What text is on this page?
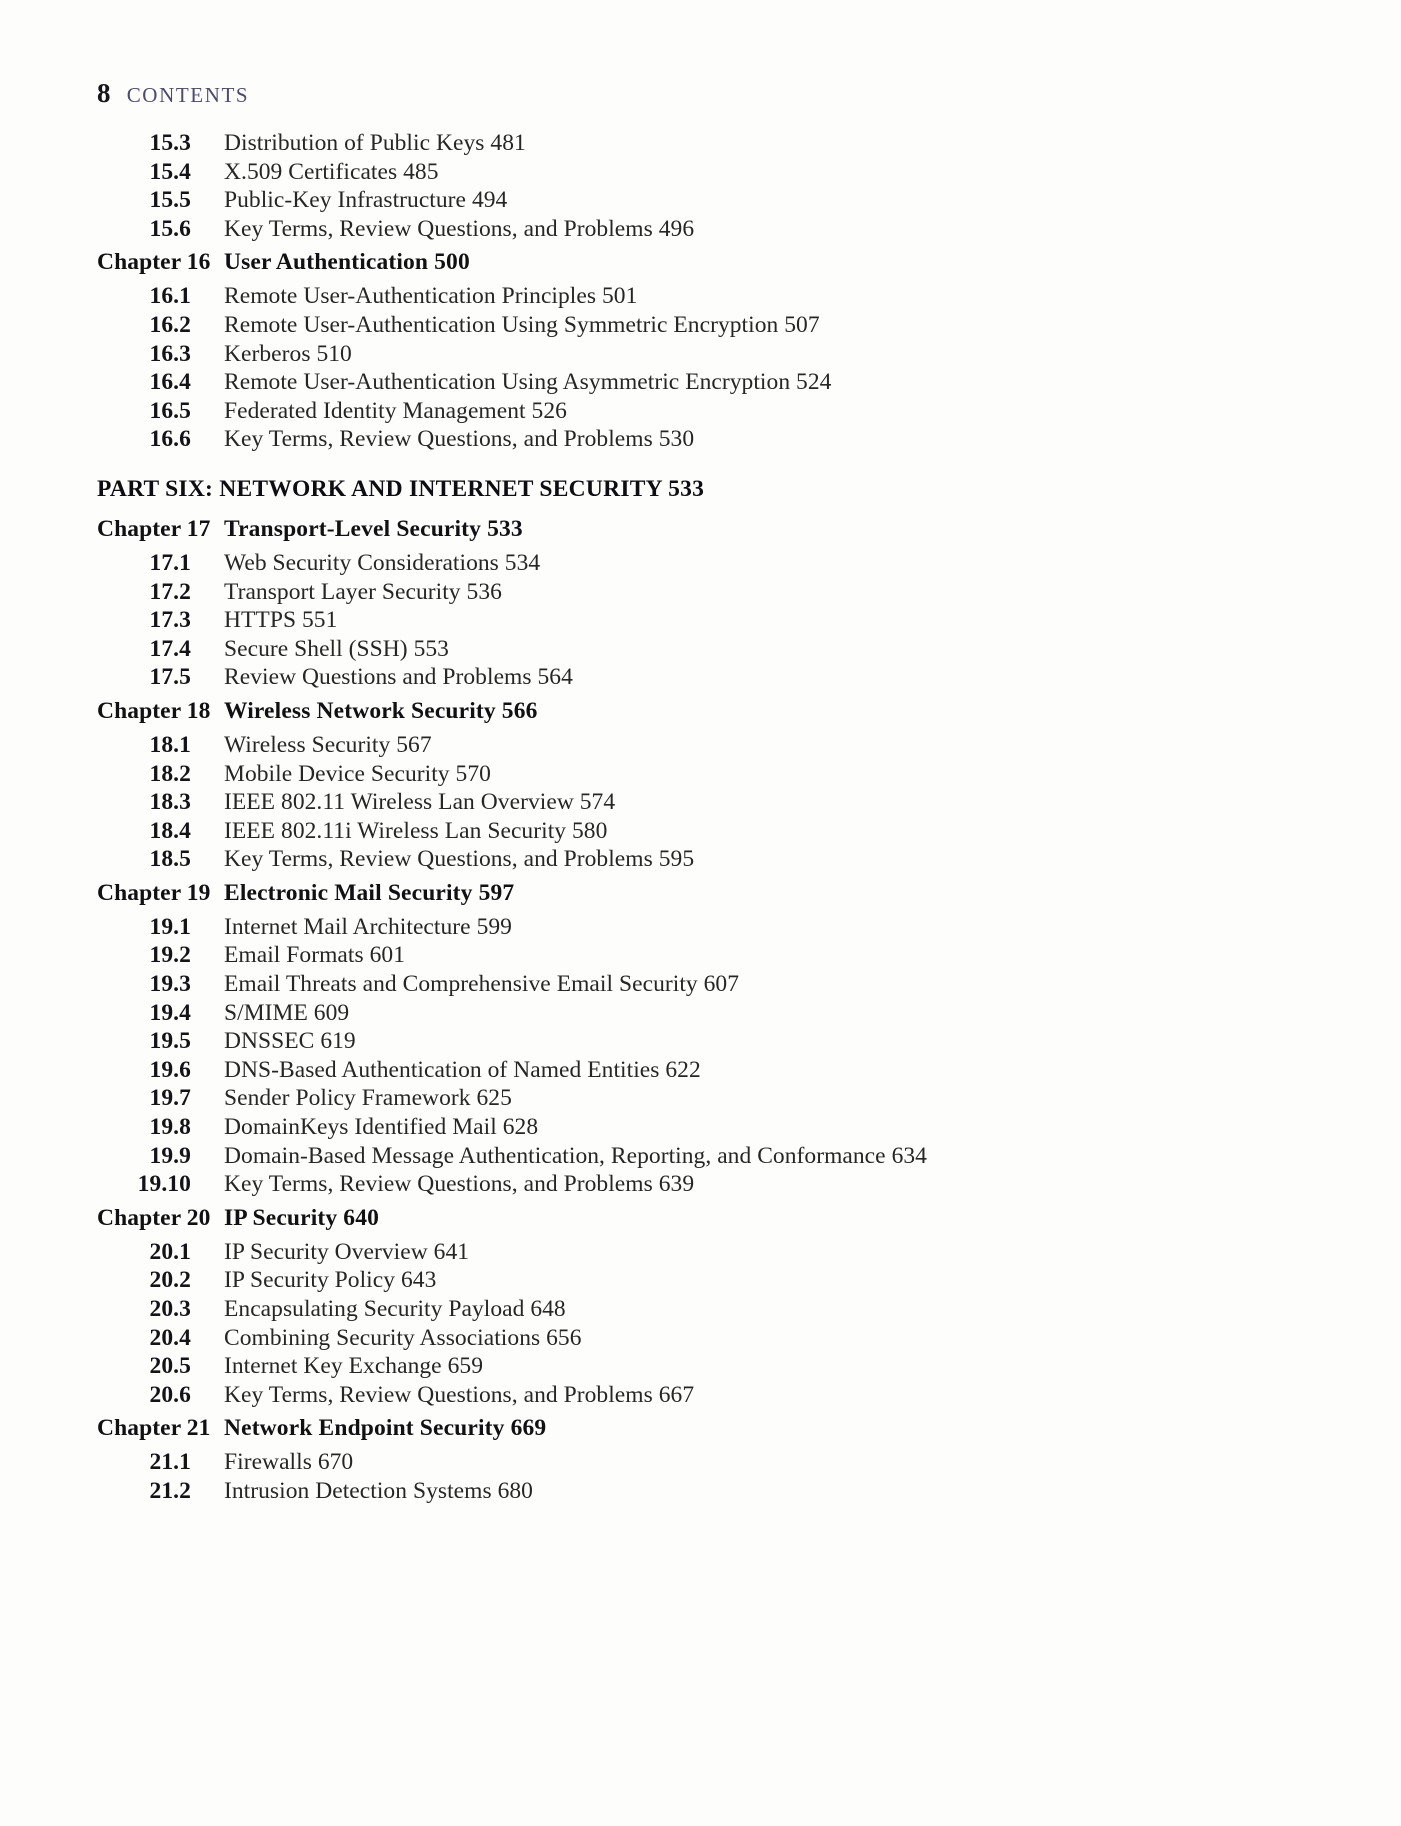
8 CONTENTS
15.3 Distribution of Public Keys 481
15.4 X.509 Certificates 485
15.5 Public-Key Infrastructure 494
15.6 Key Terms, Review Questions, and Problems 496
Chapter 16 User Authentication 500
16.1 Remote User-Authentication Principles 501
16.2 Remote User-Authentication Using Symmetric Encryption 507
16.3 Kerberos 510
16.4 Remote User-Authentication Using Asymmetric Encryption 524
16.5 Federated Identity Management 526
16.6 Key Terms, Review Questions, and Problems 530
PART SIX: NETWORK AND INTERNET SECURITY 533
Chapter 17 Transport-Level Security 533
17.1 Web Security Considerations 534
17.2 Transport Layer Security 536
17.3 HTTPS 551
17.4 Secure Shell (SSH) 553
17.5 Review Questions and Problems 564
Chapter 18 Wireless Network Security 566
18.1 Wireless Security 567
18.2 Mobile Device Security 570
18.3 IEEE 802.11 Wireless Lan Overview 574
18.4 IEEE 802.11i Wireless Lan Security 580
18.5 Key Terms, Review Questions, and Problems 595
Chapter 19 Electronic Mail Security 597
19.1 Internet Mail Architecture 599
19.2 Email Formats 601
19.3 Email Threats and Comprehensive Email Security 607
19.4 S/MIME 609
19.5 DNSSEC 619
19.6 DNS-Based Authentication of Named Entities 622
19.7 Sender Policy Framework 625
19.8 DomainKeys Identified Mail 628
19.9 Domain-Based Message Authentication, Reporting, and Conformance 634
19.10 Key Terms, Review Questions, and Problems 639
Chapter 20 IP Security 640
20.1 IP Security Overview 641
20.2 IP Security Policy 643
20.3 Encapsulating Security Payload 648
20.4 Combining Security Associations 656
20.5 Internet Key Exchange 659
20.6 Key Terms, Review Questions, and Problems 667
Chapter 21 Network Endpoint Security 669
21.1 Firewalls 670
21.2 Intrusion Detection Systems 680
